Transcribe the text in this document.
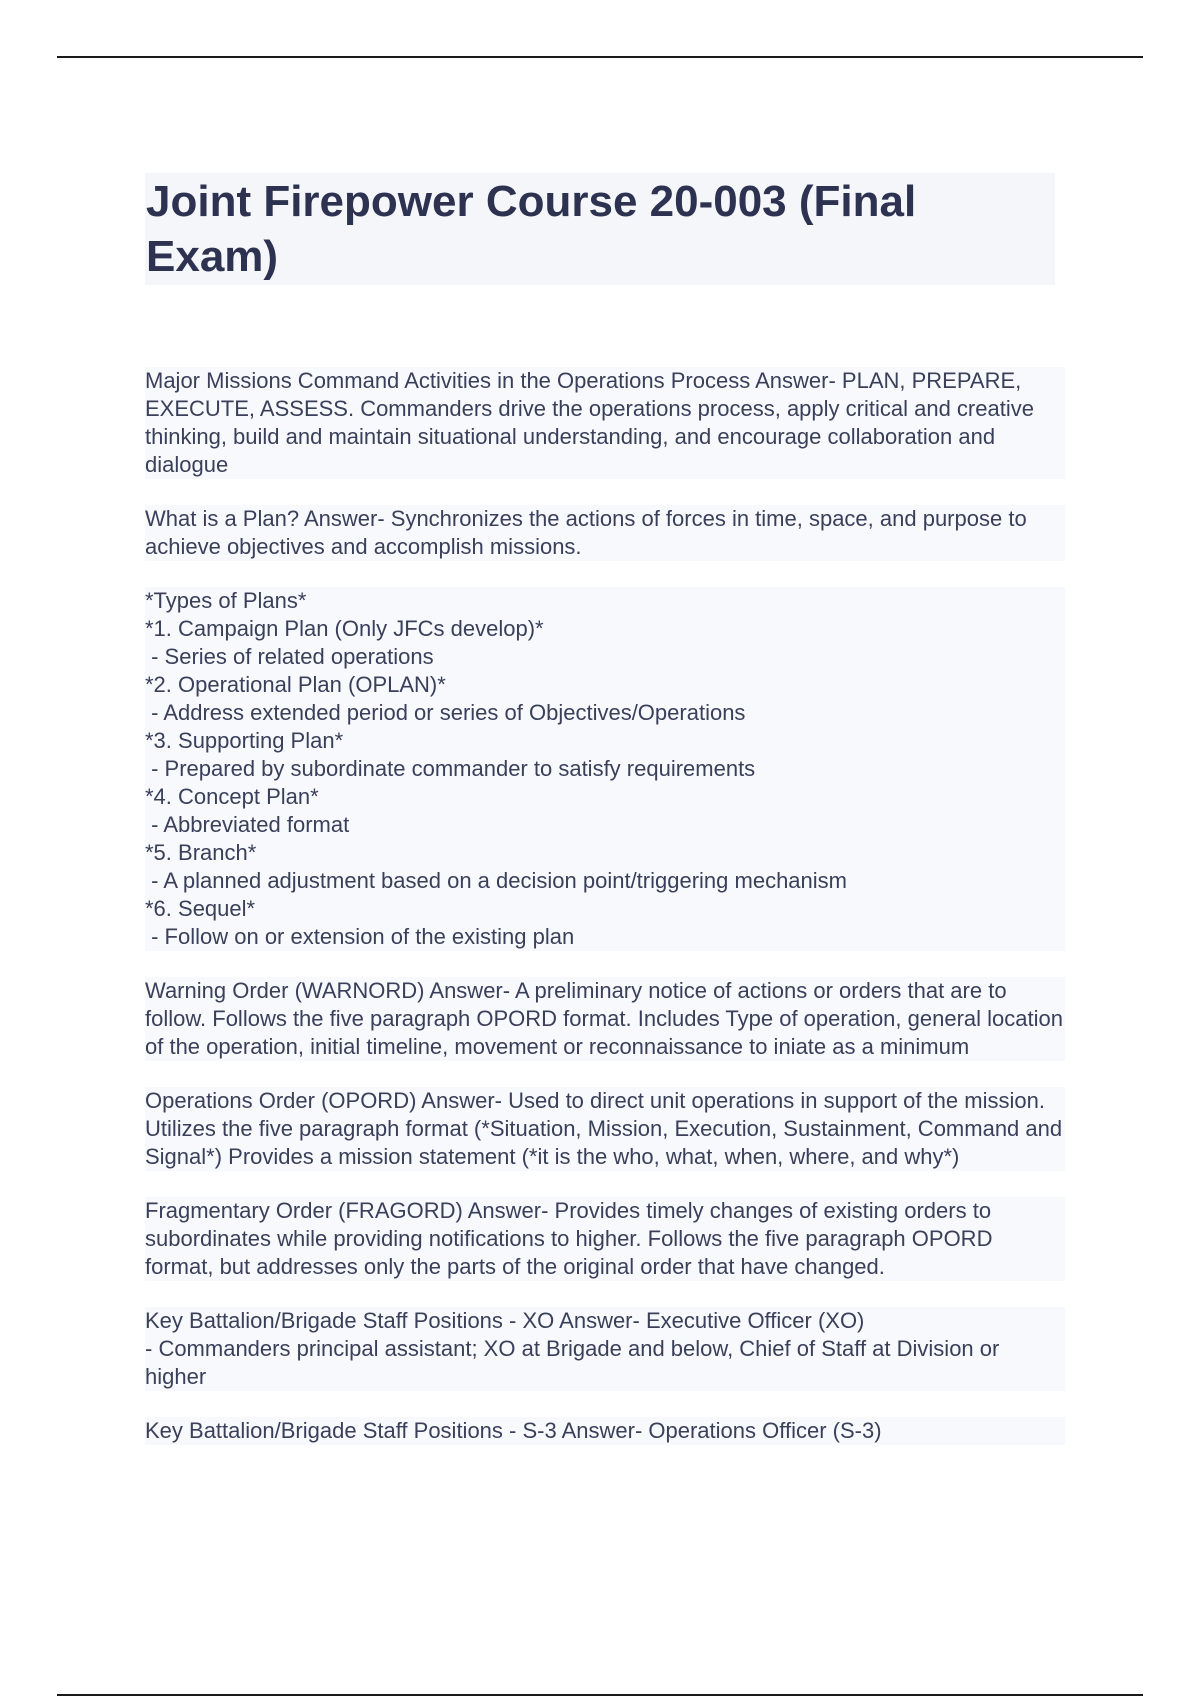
Joint Firepower Course 20-003 (Final Exam)

Major Missions Command Activities in the Operations Process Answer- PLAN, PREPARE, EXECUTE, ASSESS. Commanders drive the operations process, apply critical and creative thinking, build and maintain situational understanding, and encourage collaboration and dialogue

What is a Plan? Answer- Synchronizes the actions of forces in time, space, and purpose to achieve objectives and accomplish missions.

*Types of Plans*
*1. Campaign Plan (Only JFCs develop)*
- Series of related operations
*2. Operational Plan (OPLAN)*
- Address extended period or series of Objectives/Operations
*3. Supporting Plan*
- Prepared by subordinate commander to satisfy requirements
*4. Concept Plan*
- Abbreviated format
*5. Branch*
- A planned adjustment based on a decision point/triggering mechanism
*6. Sequel*
- Follow on or extension of the existing plan

Warning Order (WARNORD) Answer- A preliminary notice of actions or orders that are to follow. Follows the five paragraph OPORD format. Includes Type of operation, general location of the operation, initial timeline, movement or reconnaissance to iniate as a minimum

Operations Order (OPORD) Answer- Used to direct unit operations in support of the mission. Utilizes the five paragraph format (*Situation, Mission, Execution, Sustainment, Command and Signal*) Provides a mission statement (*it is the who, what, when, where, and why*)

Fragmentary Order (FRAGORD) Answer- Provides timely changes of existing orders to subordinates while providing notifications to higher. Follows the five paragraph OPORD format, but addresses only the parts of the original order that have changed.

Key Battalion/Brigade Staff Positions - XO Answer- Executive Officer (XO)
- Commanders principal assistant; XO at Brigade and below, Chief of Staff at Division or higher

Key Battalion/Brigade Staff Positions - S-3 Answer- Operations Officer (S-3)
